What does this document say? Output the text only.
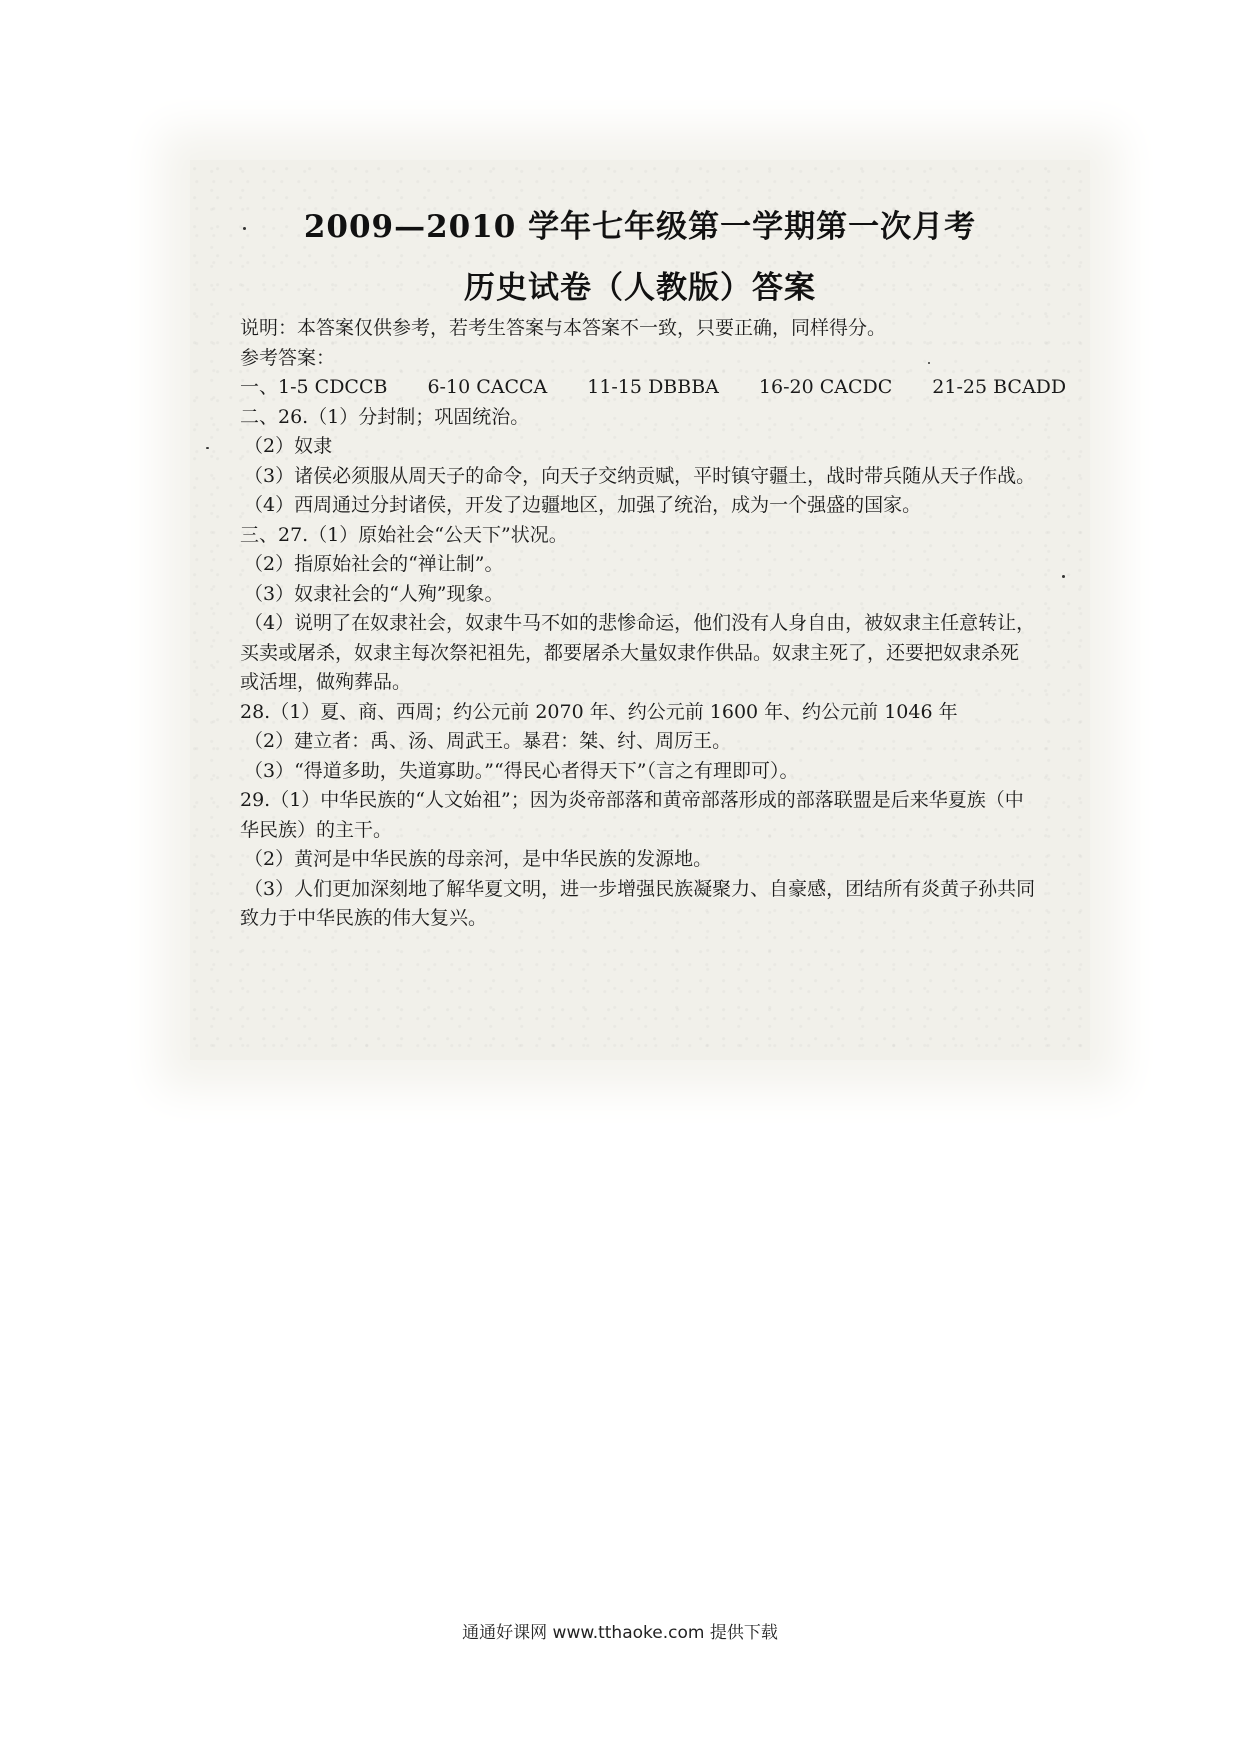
2009—2010 学年七年级第一学期第一次月考
历史试卷（人教版）答案
说明：本答案仅供参考，若考生答案与本答案不一致，只要正确，同样得分。
参考答案：
一、1-5 CDCCB 6-10 CACCA 11-15 DBBBA 16-20 CACDC 21-25 BCADD
二、26.（1）分封制；巩固统治。
（2）奴隶
（3）诸侯必须服从周天子的命令，向天子交纳贡赋，平时镇守疆土，战时带兵随从天子作战。
（4）西周通过分封诸侯，开发了边疆地区，加强了统治，成为一个强盛的国家。
三、27.（1）原始社会“公天下”状况。
（2）指原始社会的“禅让制”。
（3）奴隶社会的“人殉”现象。
（4）说明了在奴隶社会，奴隶牛马不如的悲惨命运，他们没有人身自由，被奴隶主任意转让，
买卖或屠杀，奴隶主每次祭祀祖先，都要屠杀大量奴隶作供品。奴隶主死了，还要把奴隶杀死
或活埋，做殉葬品。
28.（1）夏、商、西周；约公元前 2070 年、约公元前 1600 年、约公元前 1046 年
（2）建立者：禹、汤、周武王。暴君：桀、纣、周厉王。
（3）“得道多助，失道寡助。”“得民心者得天下”（言之有理即可）。
29.（1）中华民族的“人文始祖”；因为炎帝部落和黄帝部落形成的部落联盟是后来华夏族（中
华民族）的主干。
（2）黄河是中华民族的母亲河，是中华民族的发源地。
（3）人们更加深刻地了解华夏文明，进一步增强民族凝聚力、自豪感，团结所有炎黄子孙共同
致力于中华民族的伟大复兴。
通通好课网 www.tthaoke.com 提供下载
